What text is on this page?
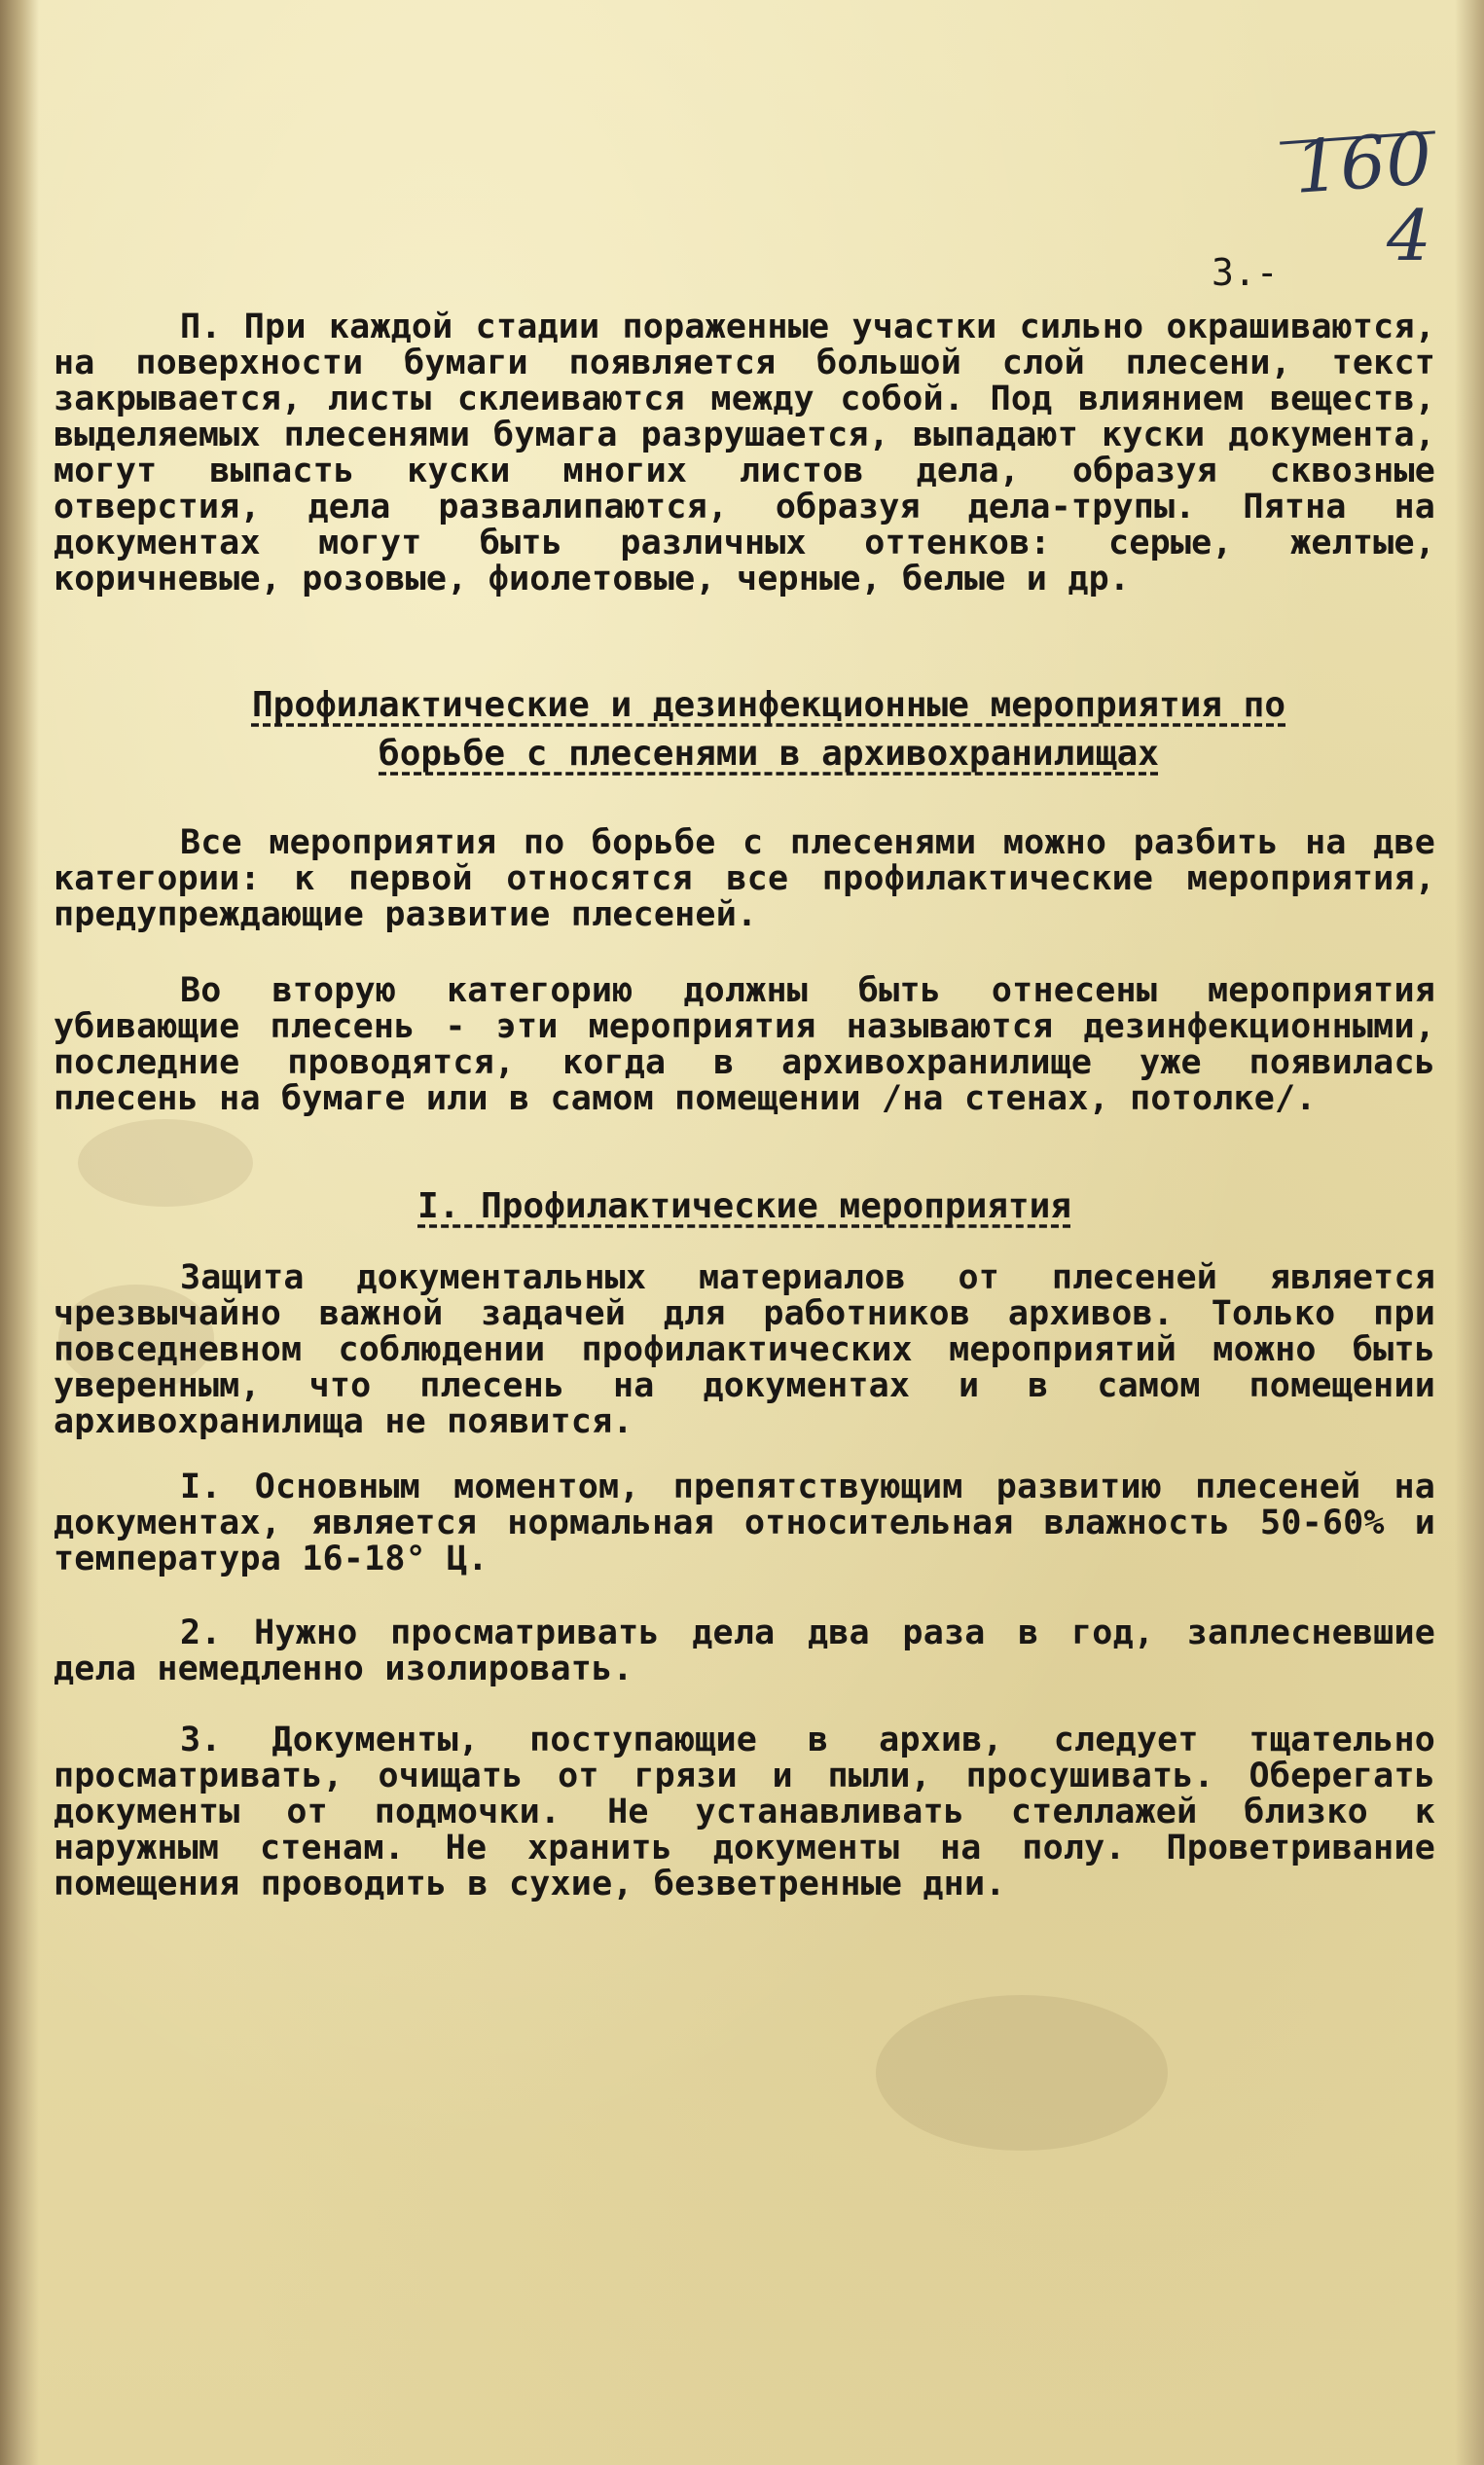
160
4
3.-

П. При каждой стадии пораженные участки сильно окрашиваются, на поверхности бумаги появляется большой слой плесени, текст закрывается, листы склеиваются между собой. Под влиянием веществ, выделяемых плесенями бумага разрушается, выпадают куски документа, могут выпасть куски многих листов дела, образуя сквозные отверстия, дела развалипаются, образуя дела-трупы. Пятна на документах могут быть различных оттенков: серые, желтые, коричневые, розовые, фиолетовые, черные, белые и др.

Профилактические и дезинфекционные мероприятия по борьбе с плесенями в архивохранилищах

Все мероприятия по борьбе с плесенями можно разбить на две категории: к первой относятся все профилактические мероприятия, предупреждающие развитие плесеней.

Во вторую категорию должны быть отнесены мероприятия убивающие плесень - эти мероприятия называются дезинфекционными, последние проводятся, когда в архивохранилище уже появилась плесень на бумаге или в самом помещении /на стенах, потолке/.

I. Профилактические мероприятия

Защита документальных материалов от плесеней является чрезвычайно важной задачей для работников архивов. Только при повседневном соблюдении профилактических мероприятий можно быть уверенным, что плесень на документах и в самом помещении архивохранилища не появится.

I. Основным моментом, препятствующим развитию плесеней на документах, является нормальная относительная влажность 50-60% и температура 16-18° Ц.

2. Нужно просматривать дела два раза в год, заплесневшие дела немедленно изолировать.

3. Документы, поступающие в архив, следует тщательно просматривать, очищать от грязи и пыли, просушивать. Оберегать документы от подмочки. Не устанавливать стеллажей близко к наружным стенам. Не хранить документы на полу. Проветривание помещения проводить в сухие, безветренные дни.
